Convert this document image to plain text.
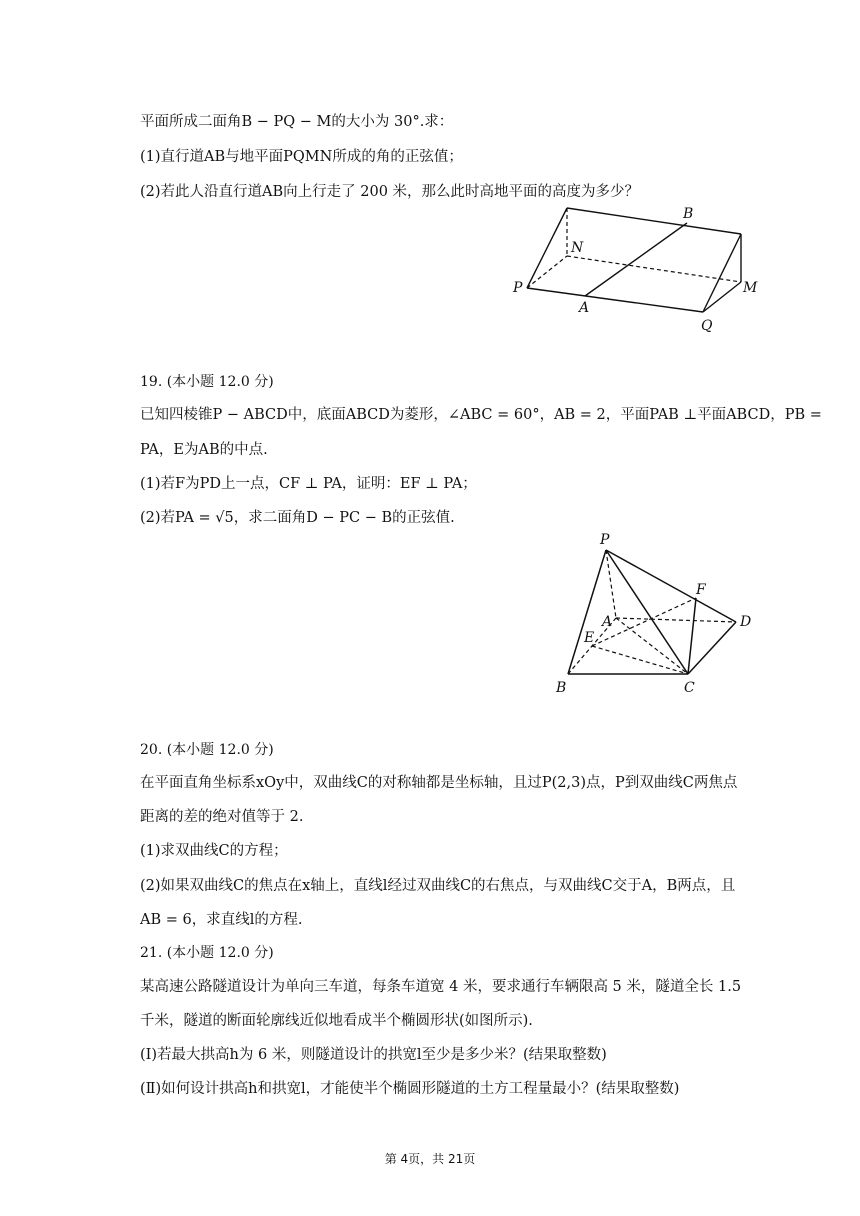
平面所成二面角B − PQ − M的大小为 30°.求：
(1)直行道AB与地平面PQMN所成的角的正弦值；
(2)若此人沿直行道AB向上行走了 200 米，那么此时高地平面的高度为多少？
B
N
P
A
M
Q
19. (本小题 12.0 分)
已知四棱锥P − ABCD中，底面ABCD为菱形，∠ABC = 60°，AB = 2，平面PAB ⊥平面ABCD，PB =
PA，E为AB的中点.
(1)若F为PD上一点，CF ⊥ PA，证明：EF ⊥ PA；
(2)若PA = √5，求二面角D − PC − B的正弦值.
P
F
A	D
E
B	C
20. (本小题 12.0 分)
在平面直角坐标系xOy中，双曲线C的对称轴都是坐标轴，且过P(2,3)点，P到双曲线C两焦点
距离的差的绝对值等于 2.
(1)求双曲线C的方程；
(2)如果双曲线C的焦点在x轴上，直线l经过双曲线C的右焦点，与双曲线C交于A，B两点，且
AB = 6，求直线l的方程.
21. (本小题 12.0 分)
某高速公路隧道设计为单向三车道，每条车道宽 4 米，要求通行车辆限高 5 米，隧道全长 1.5
千米，隧道的断面轮廓线近似地看成半个椭圆形状(如图所示).
(Ⅰ)若最大拱高h为 6 米，则隧道设计的拱宽l至少是多少米？(结果取整数)
(Ⅱ)如何设计拱高h和拱宽l，才能使半个椭圆形隧道的土方工程量最小？(结果取整数)
第 4页，共 21页
